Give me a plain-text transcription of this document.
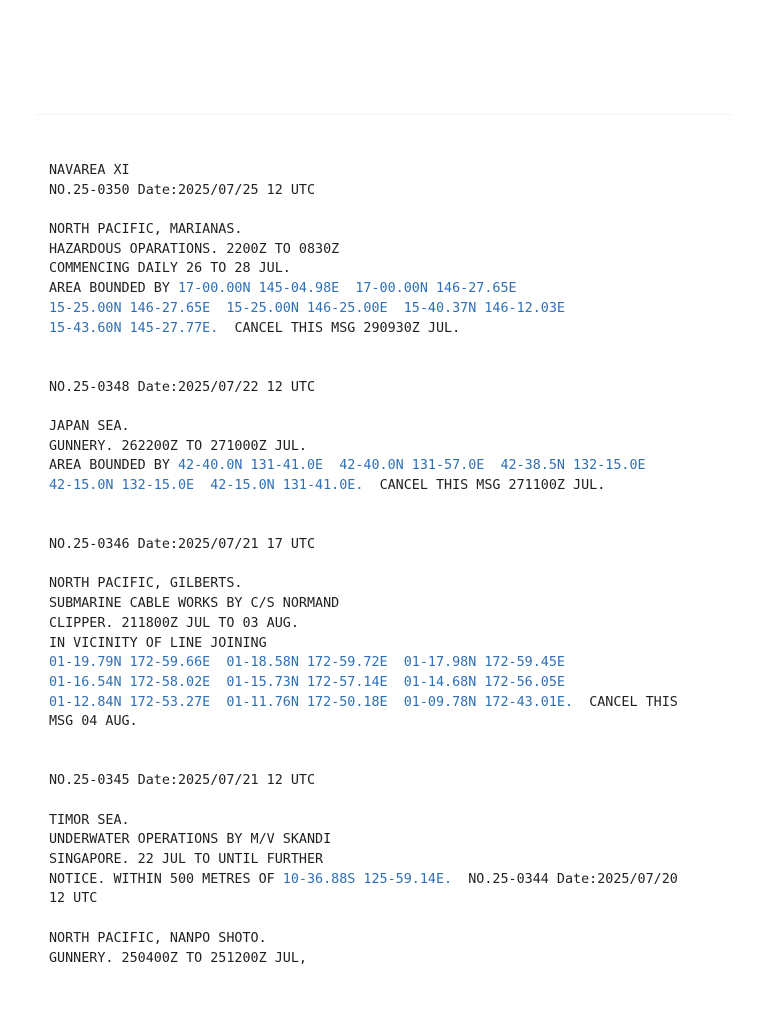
NAVAREA XI
NO.25-0350 Date:2025/07/25 12 UTC
NORTH PACIFIC, MARIANAS.
HAZARDOUS OPARATIONS. 2200Z TO 0830Z
COMMENCING DAILY 26 TO 28 JUL.
AREA BOUNDED BY 17-00.00N 145-04.98E 17-00.00N 146-27.65E
15-25.00N 146-27.65E 15-25.00N 146-25.00E 15-40.37N 146-12.03E
15-43.60N 145-27.77E. CANCEL THIS MSG 290930Z JUL.
NO.25-0348 Date:2025/07/22 12 UTC
JAPAN SEA.
GUNNERY. 262200Z TO 271000Z JUL.
AREA BOUNDED BY 42-40.0N 131-41.0E 42-40.0N 131-57.0E 42-38.5N 132-15.0E
42-15.0N 132-15.0E 42-15.0N 131-41.0E. CANCEL THIS MSG 271100Z JUL.
NO.25-0346 Date:2025/07/21 17 UTC
NORTH PACIFIC, GILBERTS.
SUBMARINE CABLE WORKS BY C/S NORMAND
CLIPPER. 211800Z JUL TO 03 AUG.
IN VICINITY OF LINE JOINING
01-19.79N 172-59.66E 01-18.58N 172-59.72E 01-17.98N 172-59.45E
01-16.54N 172-58.02E 01-15.73N 172-57.14E 01-14.68N 172-56.05E
01-12.84N 172-53.27E 01-11.76N 172-50.18E 01-09.78N 172-43.01E. CANCEL THIS
MSG 04 AUG.
NO.25-0345 Date:2025/07/21 12 UTC
TIMOR SEA.
UNDERWATER OPERATIONS BY M/V SKANDI
SINGAPORE. 22 JUL TO UNTIL FURTHER
NOTICE. WITHIN 500 METRES OF 10-36.88S 125-59.14E. NO.25-0344 Date:2025/07/20
12 UTC
NORTH PACIFIC, NANPO SHOTO.
GUNNERY. 250400Z TO 251200Z JUL,
